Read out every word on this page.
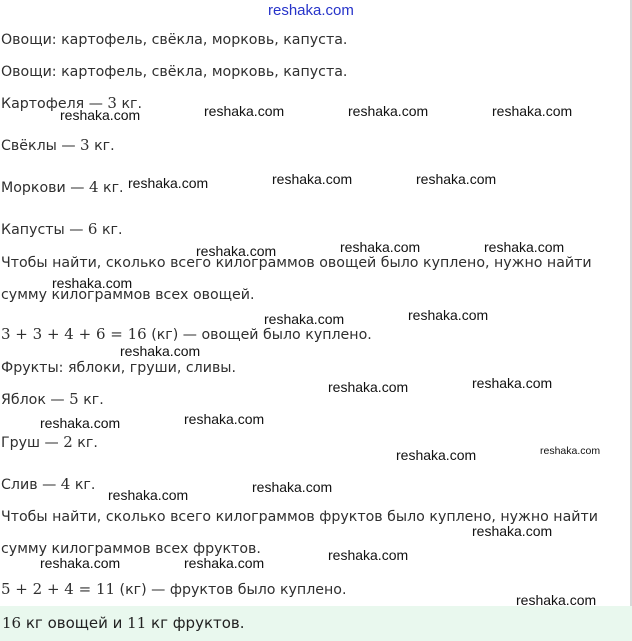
reshaka.com
Овощи: картофель, свёкла, морковь, капуста.
Овощи: картофель, свёкла, морковь, капуста.
Картофеля — 3 кг.
Свёклы — 3 кг.
Моркови — 4 кг.
Капусты — 6 кг.
Чтобы найти, сколько всего килограммов овощей было куплено, нужно найти
сумму килограммов всех овощей.
3 + 3 + 4 + 6 = 16 (кг) — овощей было куплено.
Фрукты: яблоки, груши, сливы.
Яблок — 5 кг.
Груш — 2 кг.
Слив — 4 кг.
Чтобы найти, сколько всего килограммов фруктов было куплено, нужно найти
сумму килограммов всех фруктов.
5 + 2 + 4 = 11 (кг) — фруктов было куплено.
16 кг овощей и 11 кг фруктов.
reshaka.com	reshaka.com	reshaka.com	reshaka.com
reshaka.com	reshaka.com	reshaka.com
reshaka.com	reshaka.com	reshaka.com
reshaka.com
reshaka.com	reshaka.com
reshaka.com
reshaka.com	reshaka.com
reshaka.com	reshaka.com
reshaka.com	reshaka.com
reshaka.com	reshaka.com
reshaka.com
reshaka.com	reshaka.com	reshaka.com
reshaka.com
